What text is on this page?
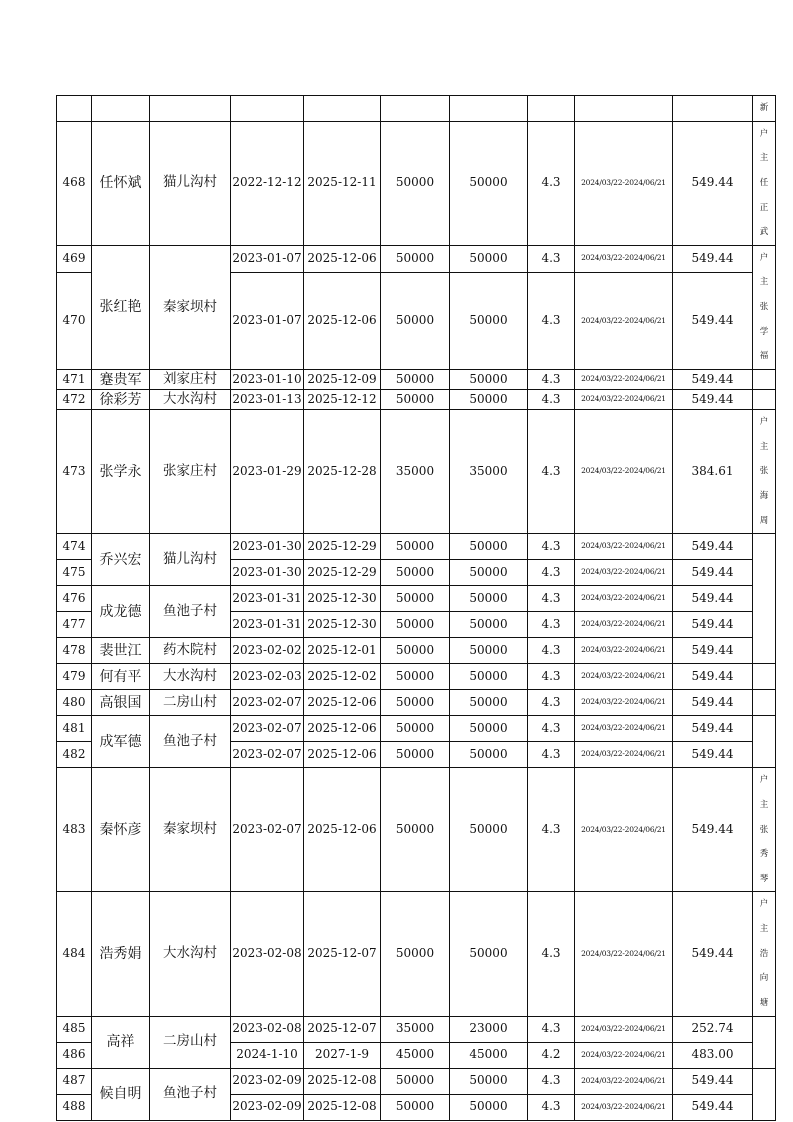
										新

468	任怀斌	猫儿沟村	2022-12-12	2025-12-11	50000	50000	4.3	2024/03/22-2024/06/21	549.44	户主任正武

469	张红艳	秦家坝村	2023-01-07	2025-12-06	50000	50000	4.3	2024/03/22-2024/06/21	549.44	户主张学福

470			2023-01-07	2025-12-06	50000	50000	4.3	2024/03/22-2024/06/21	549.44	
471	蹇贵军	刘家庄村	2023-01-10	2025-12-09	50000	50000	4.3	2024/03/22-2024/06/21	549.44	
472	徐彩芳	大水沟村	2023-01-13	2025-12-12	50000	50000	4.3	2024/03/22-2024/06/21	549.44	
473	张学永	张家庄村	2023-01-29	2025-12-28	35000	35000	4.3	2024/03/22-2024/06/21	384.61	户主张海周

474	乔兴宏	猫儿沟村	2023-01-30	2025-12-29	50000	50000	4.3	2024/03/22-2024/06/21	549.44	
475			2023-01-30	2025-12-29	50000	50000	4.3	2024/03/22-2024/06/21	549.44	
476	成龙德	鱼池子村	2023-01-31	2025-12-30	50000	50000	4.3	2024/03/22-2024/06/21	549.44	
477			2023-01-31	2025-12-30	50000	50000	4.3	2024/03/22-2024/06/21	549.44	
478	裴世江	药木院村	2023-02-02	2025-12-01	50000	50000	4.3	2024/03/22-2024/06/21	549.44	
479	何有平	大水沟村	2023-02-03	2025-12-02	50000	50000	4.3	2024/03/22-2024/06/21	549.44	
480	高银国	二房山村	2023-02-07	2025-12-06	50000	50000	4.3	2024/03/22-2024/06/21	549.44	
481	成军德	鱼池子村	2023-02-07	2025-12-06	50000	50000	4.3	2024/03/22-2024/06/21	549.44	
482			2023-02-07	2025-12-06	50000	50000	4.3	2024/03/22-2024/06/21	549.44	
483	秦怀彦	秦家坝村	2023-02-07	2025-12-06	50000	50000	4.3	2024/03/22-2024/06/21	549.44	户主张秀琴

484	浩秀娟	大水沟村	2023-02-08	2025-12-07	50000	50000	4.3	2024/03/22-2024/06/21	549.44	户主浩向塘

485	高祥	二房山村	2023-02-08	2025-12-07	35000	23000	4.3	2024/03/22-2024/06/21	252.74	
486			2024-1-10	2027-1-9	45000	45000	4.2	2024/03/22-2024/06/21	483.00	
487	候自明	鱼池子村	2023-02-09	2025-12-08	50000	50000	4.3	2024/03/22-2024/06/21	549.44	
488			2023-02-09	2025-12-08	50000	50000	4.3	2024/03/22-2024/06/21	549.44	
